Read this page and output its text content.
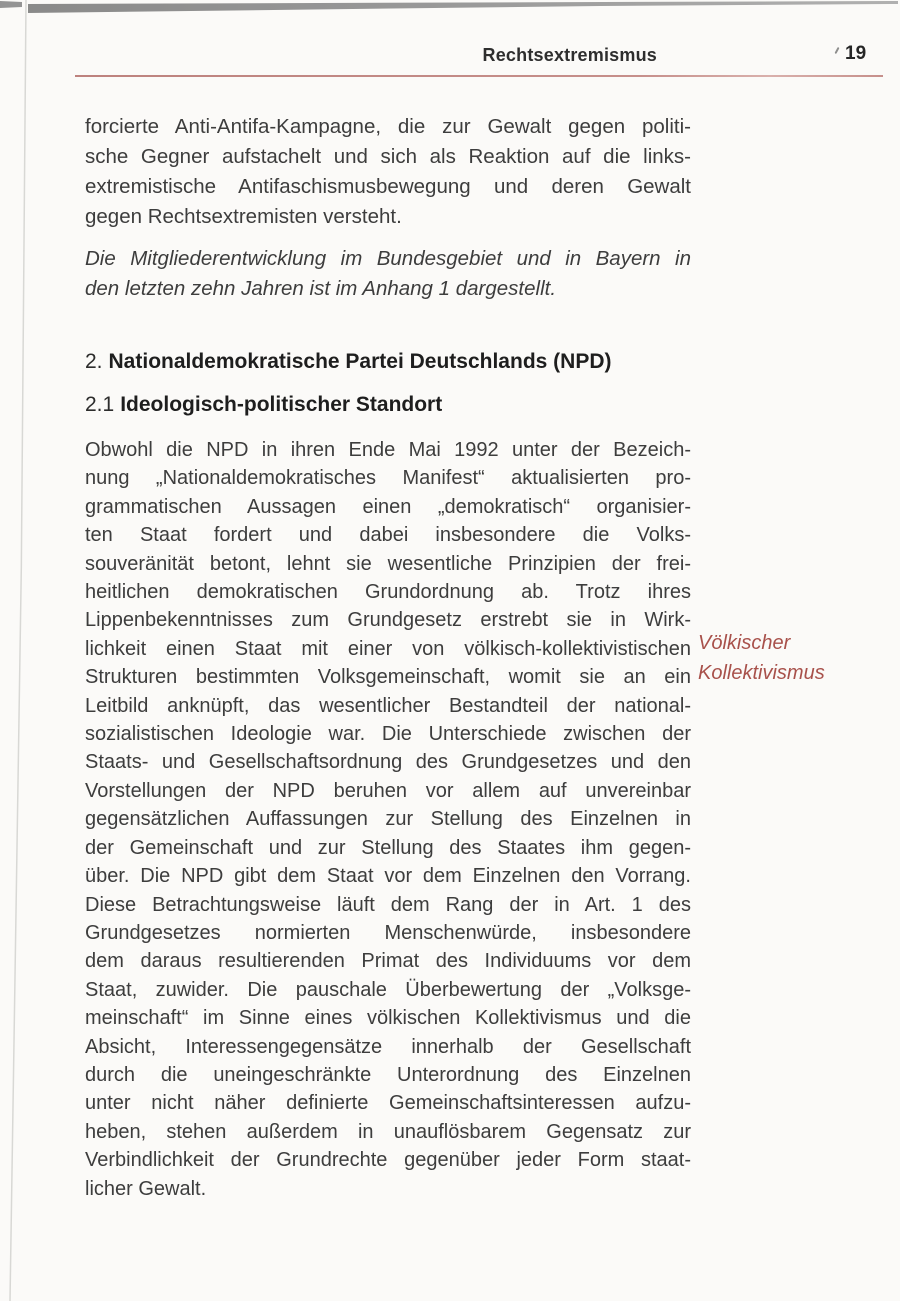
Rechtsextremismus	19
forcierte Anti-Antifa-Kampagne, die zur Gewalt gegen politi-
sche Gegner aufstachelt und sich als Reaktion auf die links-
extremistische Antifaschismusbewegung und deren Gewalt
gegen Rechtsextremisten versteht.
Die Mitgliederentwicklung im Bundesgebiet und in Bayern in
den letzten zehn Jahren ist im Anhang 1 dargestellt.
2. Nationaldemokratische Partei Deutschlands (NPD)
2.1 Ideologisch-politischer Standort
Obwohl die NPD in ihren Ende Mai 1992 unter der Bezeich-
nung „Nationaldemokratisches Manifest“ aktualisierten pro-
grammatischen Aussagen einen „demokratisch“ organisier-
ten Staat fordert und dabei insbesondere die Volks-
souveränität betont, lehnt sie wesentliche Prinzipien der frei-
heitlichen demokratischen Grundordnung ab. Trotz ihres
Lippenbekenntnisses zum Grundgesetz erstrebt sie in Wirk-
lichkeit einen Staat mit einer von völkisch-kollektivistischen
Strukturen bestimmten Volksgemeinschaft, womit sie an ein
Leitbild anknüpft, das wesentlicher Bestandteil der national-
sozialistischen Ideologie war. Die Unterschiede zwischen der
Staats- und Gesellschaftsordnung des Grundgesetzes und den
Vorstellungen der NPD beruhen vor allem auf unvereinbar
gegensätzlichen Auffassungen zur Stellung des Einzelnen in
der Gemeinschaft und zur Stellung des Staates ihm gegen-
über. Die NPD gibt dem Staat vor dem Einzelnen den Vorrang.
Diese Betrachtungsweise läuft dem Rang der in Art. 1 des
Grundgesetzes normierten Menschenwürde, insbesondere
dem daraus resultierenden Primat des Individuums vor dem
Staat, zuwider. Die pauschale Überbewertung der „Volksge-
meinschaft“ im Sinne eines völkischen Kollektivismus und die
Absicht, Interessengegensätze innerhalb der Gesellschaft
durch die uneingeschränkte Unterordnung des Einzelnen
unter nicht näher definierte Gemeinschaftsinteressen aufzu-
heben, stehen außerdem in unauflösbarem Gegensatz zur
Verbindlichkeit der Grundrechte gegenüber jeder Form staat-
licher Gewalt.
Völkischer
Kollektivismus
